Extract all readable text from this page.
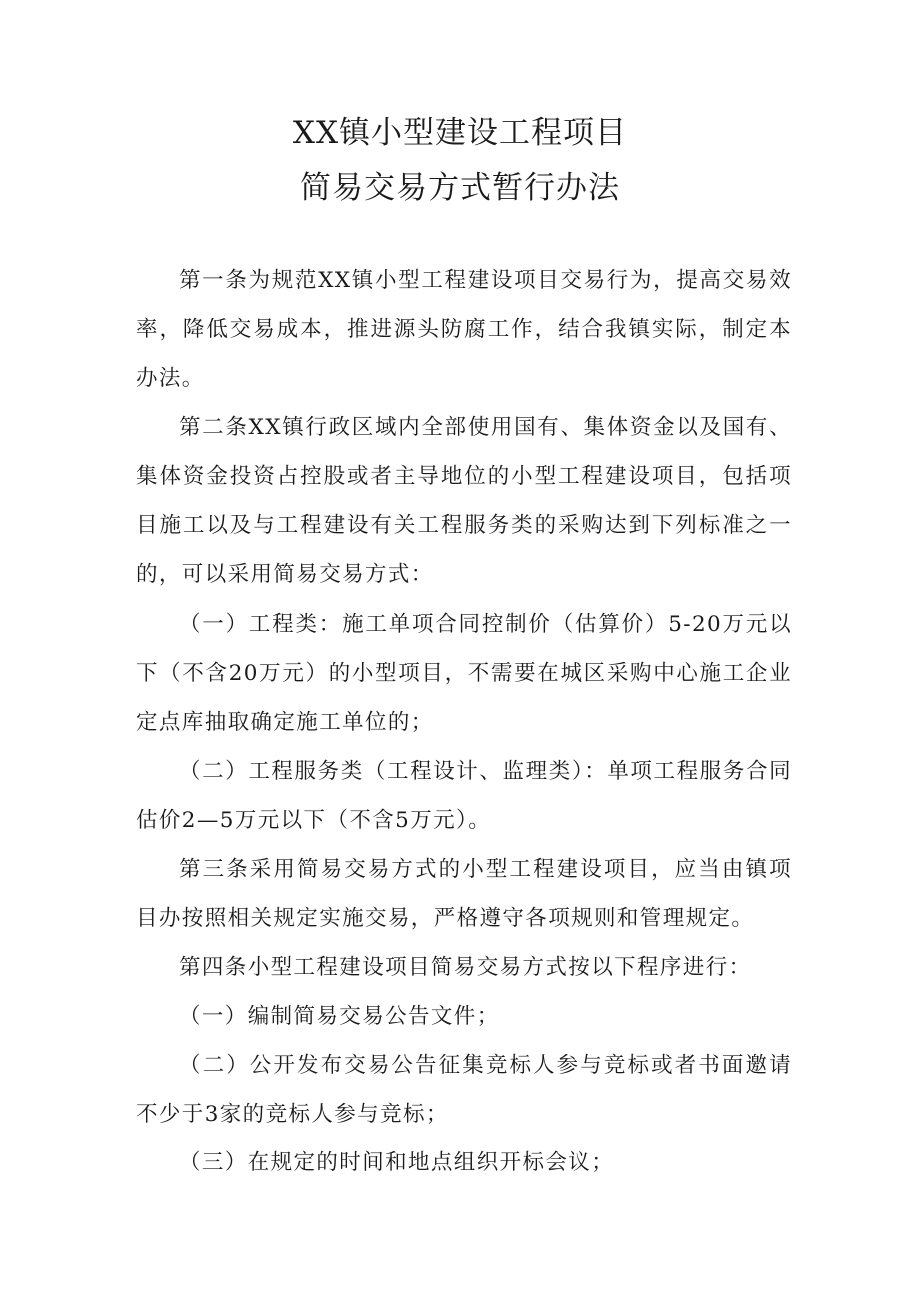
XX镇小型建设工程项目
简易交易方式暂行办法

第一条为规范XX镇小型工程建设项目交易行为，提高交易效率，降低交易成本，推进源头防腐工作，结合我镇实际，制定本办法。

第二条XX镇行政区域内全部使用国有、集体资金以及国有、集体资金投资占控股或者主导地位的小型工程建设项目，包括项目施工以及与工程建设有关工程服务类的采购达到下列标准之一的，可以采用简易交易方式：

（一）工程类：施工单项合同控制价（估算价）5-20万元以下（不含20万元）的小型项目，不需要在城区采购中心施工企业定点库抽取确定施工单位的；

（二）工程服务类（工程设计、监理类）：单项工程服务合同估价2—5万元以下（不含5万元）。

第三条采用简易交易方式的小型工程建设项目，应当由镇项目办按照相关规定实施交易，严格遵守各项规则和管理规定。

第四条小型工程建设项目简易交易方式按以下程序进行：

（一）编制简易交易公告文件；

（二）公开发布交易公告征集竞标人参与竞标或者书面邀请不少于3家的竞标人参与竞标；

（三）在规定的时间和地点组织开标会议；
